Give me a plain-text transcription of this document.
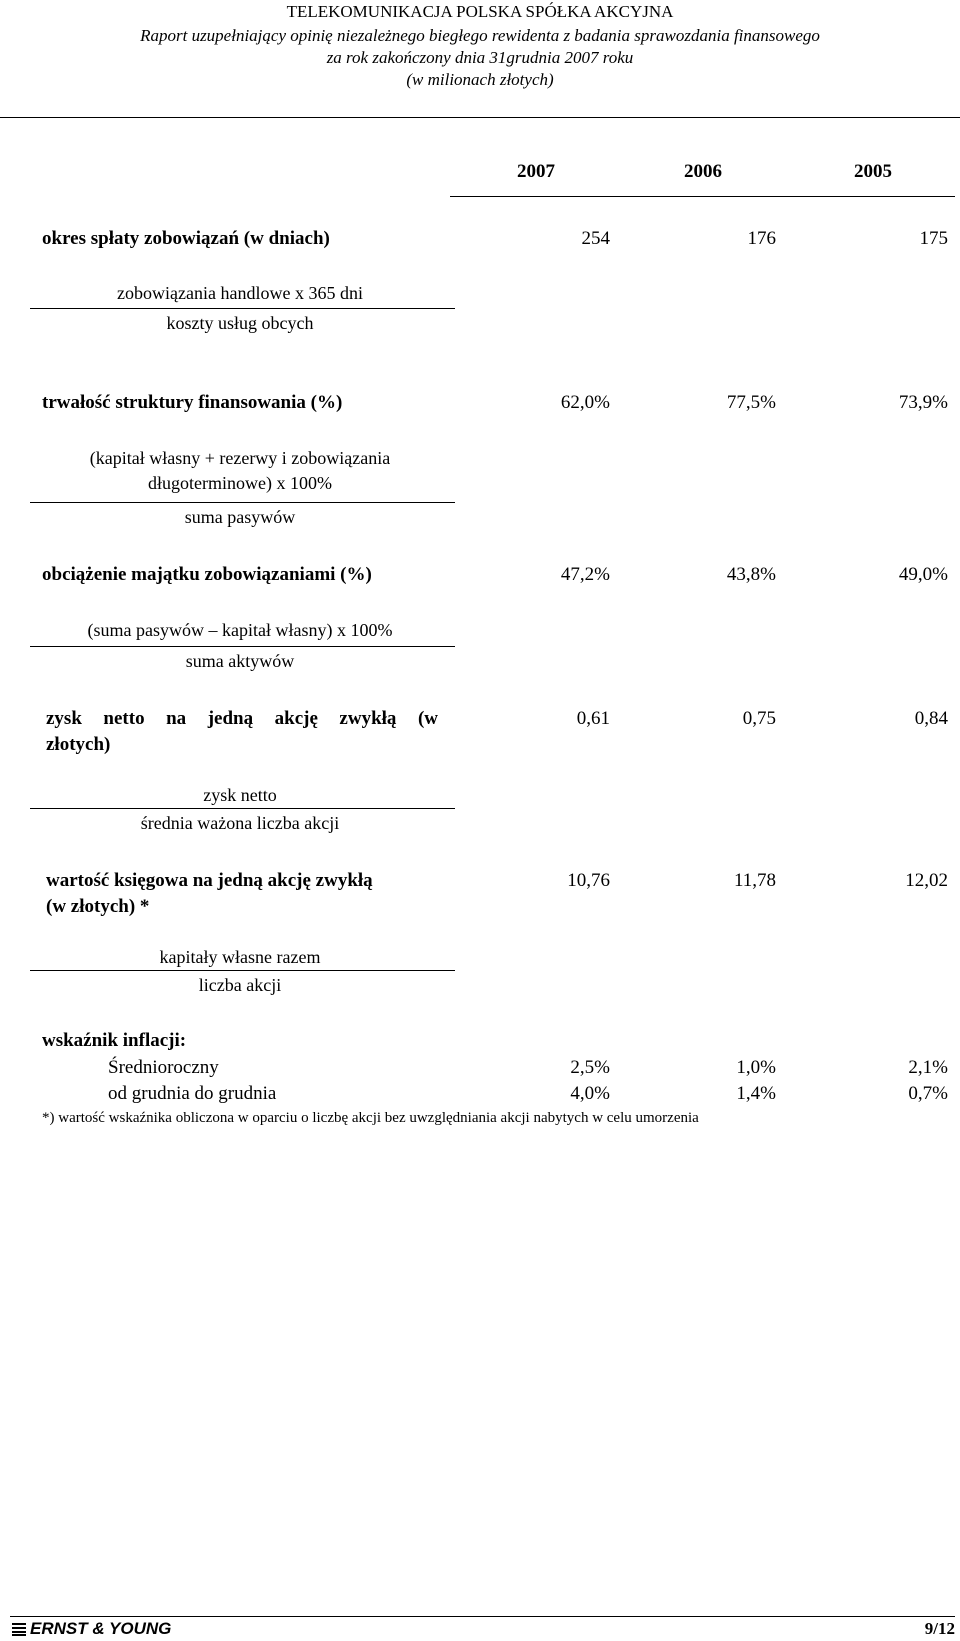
TELEKOMUNIKACJA POLSKA SPÓŁKA AKCYJNA
Raport uzupełniający opinię niezależnego biegłego rewidenta z badania sprawozdania finansowego
za rok zakończony dnia 31grudnia 2007 roku
(w milionach złotych)
2007	2006	2005
okres spłaty zobowiązań (w dniach)	254	176	175
zobowiązania handlowe x 365 dni
koszty usług obcych
trwałość struktury finansowania (%)	62,0%	77,5%	73,9%
(kapitał własny + rezerwy i zobowiązania
długoterminowe) x 100%
suma pasywów
obciążenie majątku zobowiązaniami (%)	47,2%	43,8%	49,0%
(suma pasywów – kapitał własny) x 100%
suma aktywów
zysk netto na jedną akcję zwykłą (w
złotych)
0,61	0,75	0,84
zysk netto
średnia ważona liczba akcji
wartość księgowa na jedną akcję zwykłą
(w złotych) *
10,76	11,78	12,02
kapitały własne razem
liczba akcji
wskaźnik inflacji:
Średnioroczny	2,5%	1,0%	2,1%
od grudnia do grudnia	4,0%	1,4%	0,7%
*) wartość wskaźnika obliczona w oparciu o liczbę akcji bez uwzględniania akcji nabytych w celu umorzenia
ERNST & YOUNG	9/12
